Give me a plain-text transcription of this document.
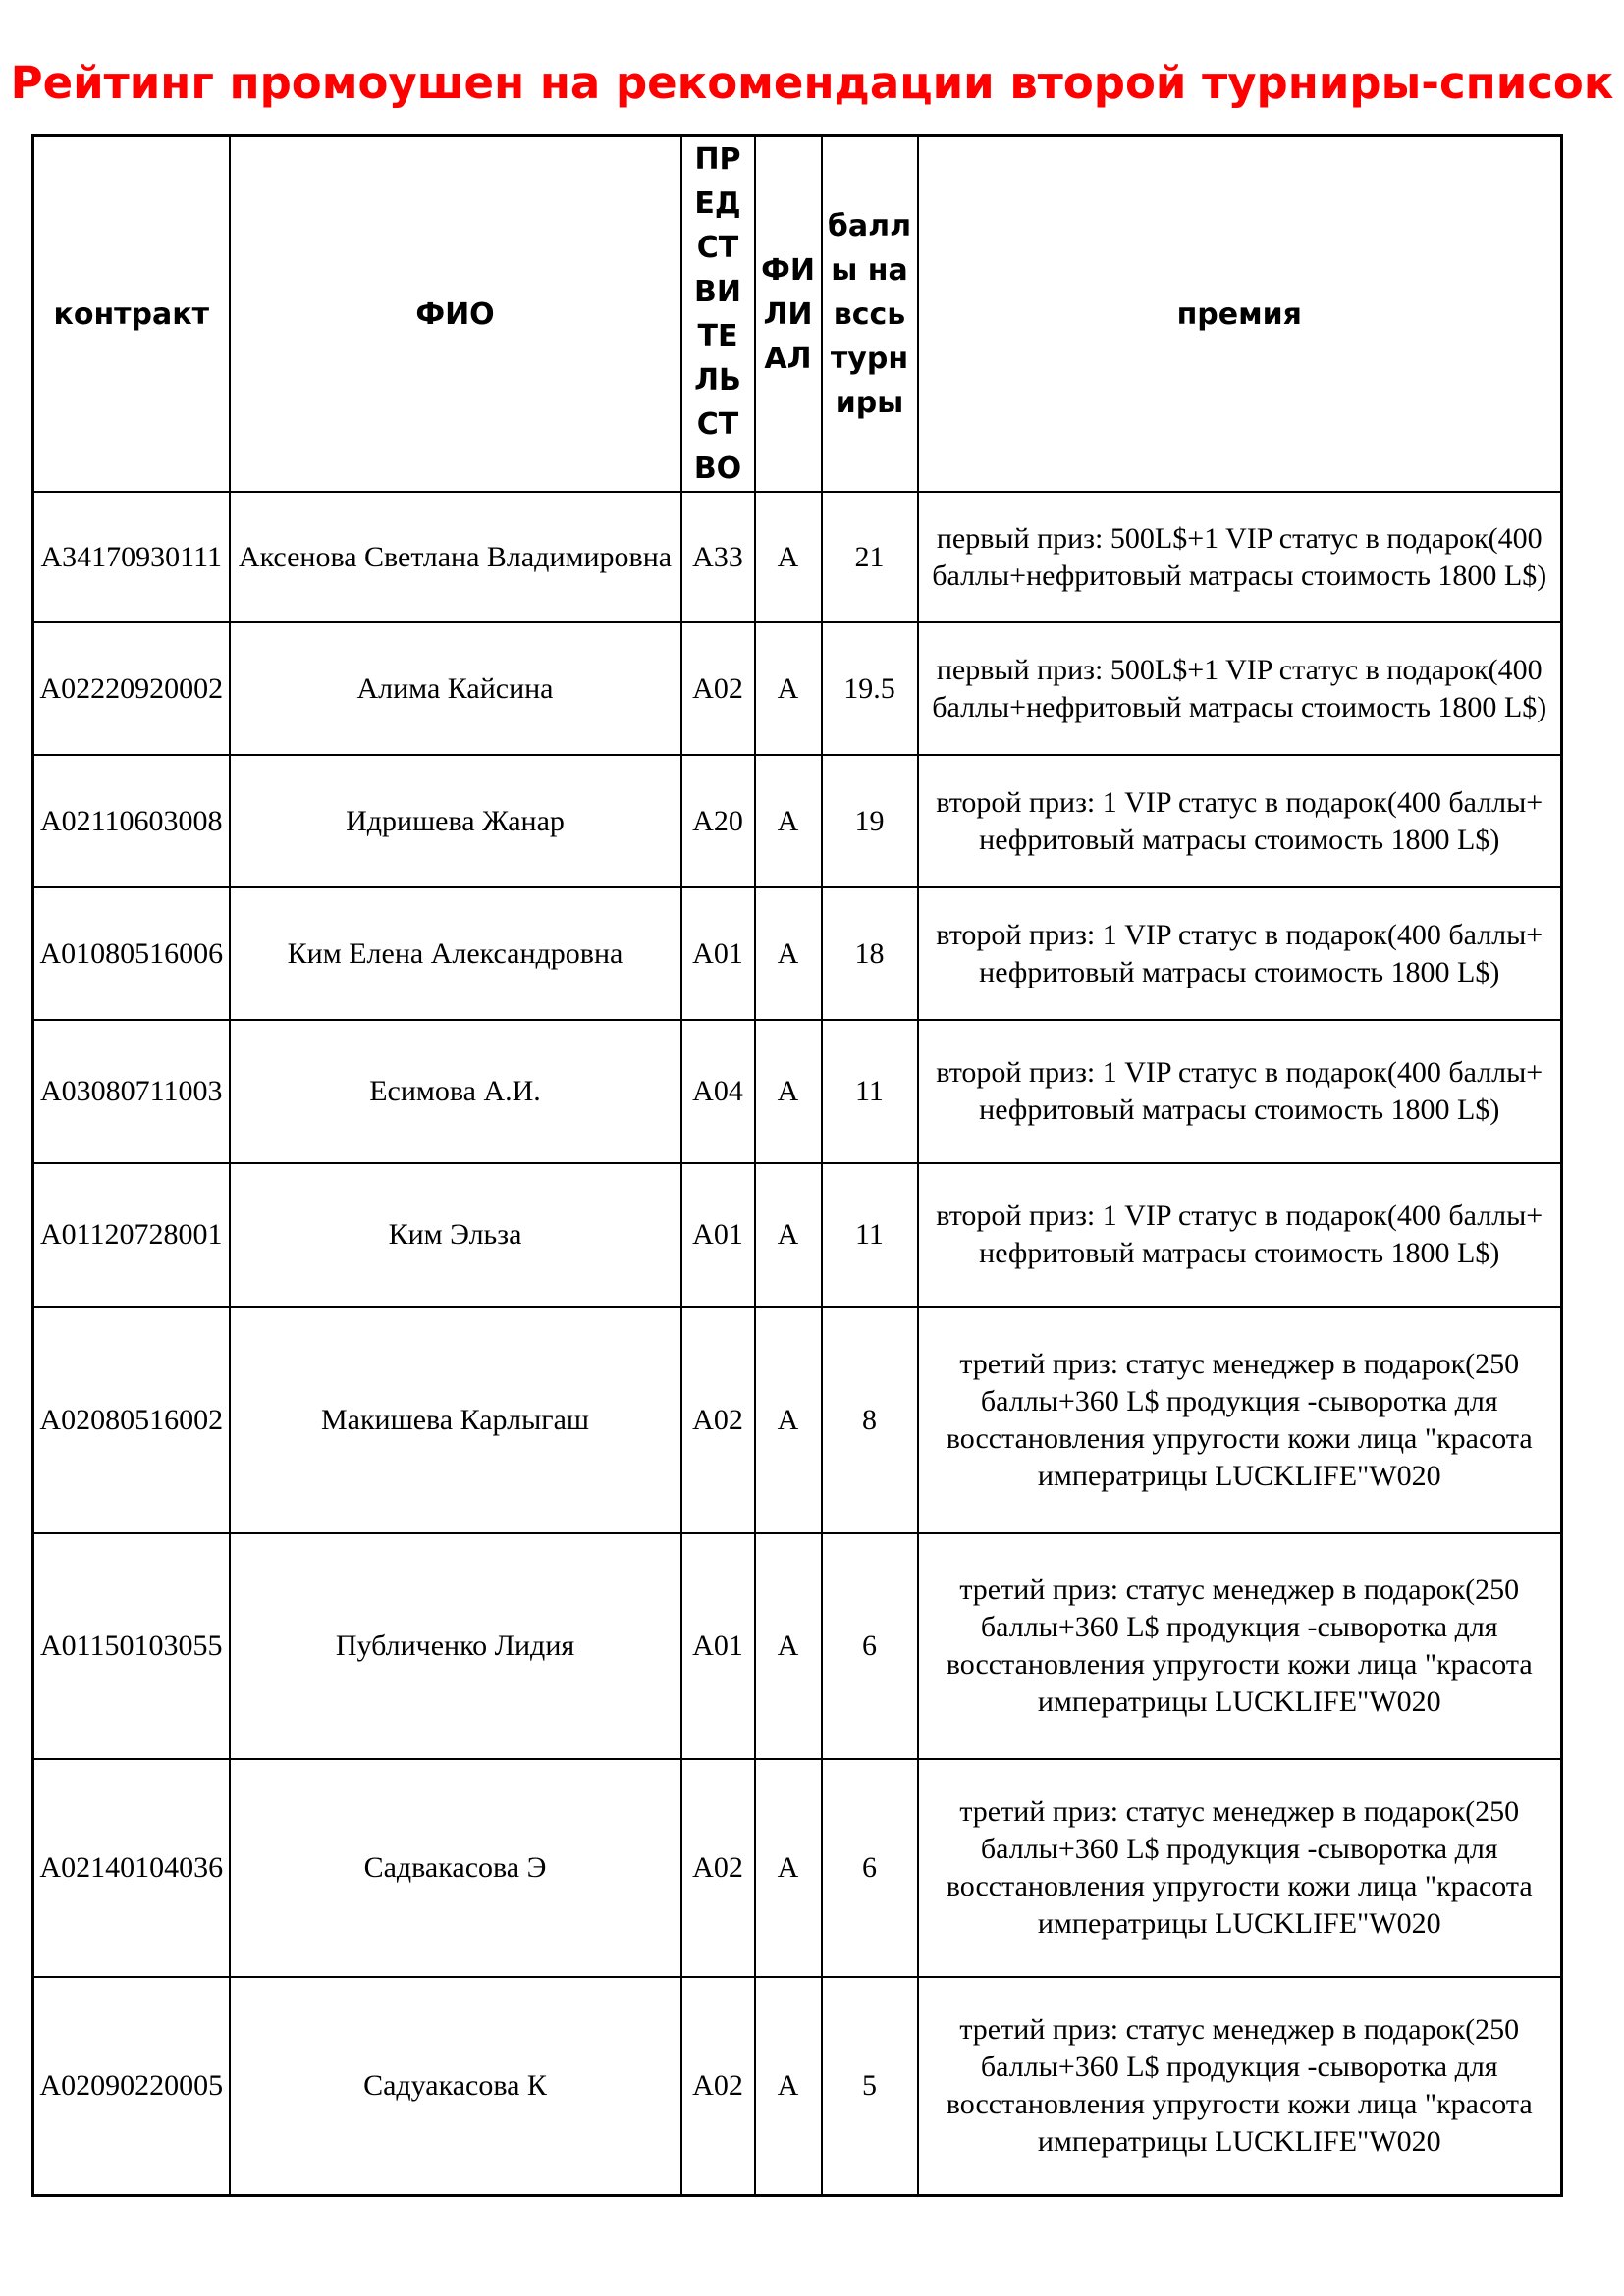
Рейтинг промоушен на рекомендации второй турниры-список
контракт	ФИО	ПРЕДСТВИТЕЛЬСТВО	ФИЛИАЛ	баллы на вссь турниры	премия
A34170930111	Аксенова Светлана Владимировна	A33	A	21	первый приз: 500L$+1 VIP статус в подарок(400 баллы+нефритовый матрасы стоимость 1800 L$)
A02220920002	Алима Кайсина	A02	A	19.5	первый приз: 500L$+1 VIP статус в подарок(400 баллы+нефритовый матрасы стоимость 1800 L$)
A02110603008	Идришева Жанар	A20	A	19	второй приз: 1 VIP статус в подарок(400 баллы+ нефритовый матрасы стоимость 1800 L$)
A01080516006	Ким Елена Александровна	A01	A	18	второй приз: 1 VIP статус в подарок(400 баллы+ нефритовый матрасы стоимость 1800 L$)
A03080711003	Есимова А.И.	A04	A	11	второй приз: 1 VIP статус в подарок(400 баллы+ нефритовый матрасы стоимость 1800 L$)
A01120728001	Ким Эльза	A01	A	11	второй приз: 1 VIP статус в подарок(400 баллы+ нефритовый матрасы стоимость 1800 L$)
A02080516002	Макишева Карлыгаш	A02	A	8	третий приз: статус менеджер в подарок(250 баллы+360 L$ продукция -сыворотка для восстановления упругости кожи лица "красота императрицы LUCKLIFE"W020
A01150103055	Публиченко Лидия	A01	A	6	третий приз: статус менеджер в подарок(250 баллы+360 L$ продукция -сыворотка для восстановления упругости кожи лица "красота императрицы LUCKLIFE"W020
A02140104036	Садвакасова Э	A02	A	6	третий приз: статус менеджер в подарок(250 баллы+360 L$ продукция -сыворотка для восстановления упругости кожи лица "красота императрицы LUCKLIFE"W020
A02090220005	Садуакасова К	A02	A	5	третий приз: статус менеджер в подарок(250 баллы+360 L$ продукция -сыворотка для восстановления упругости кожи лица "красота императрицы LUCKLIFE"W020
